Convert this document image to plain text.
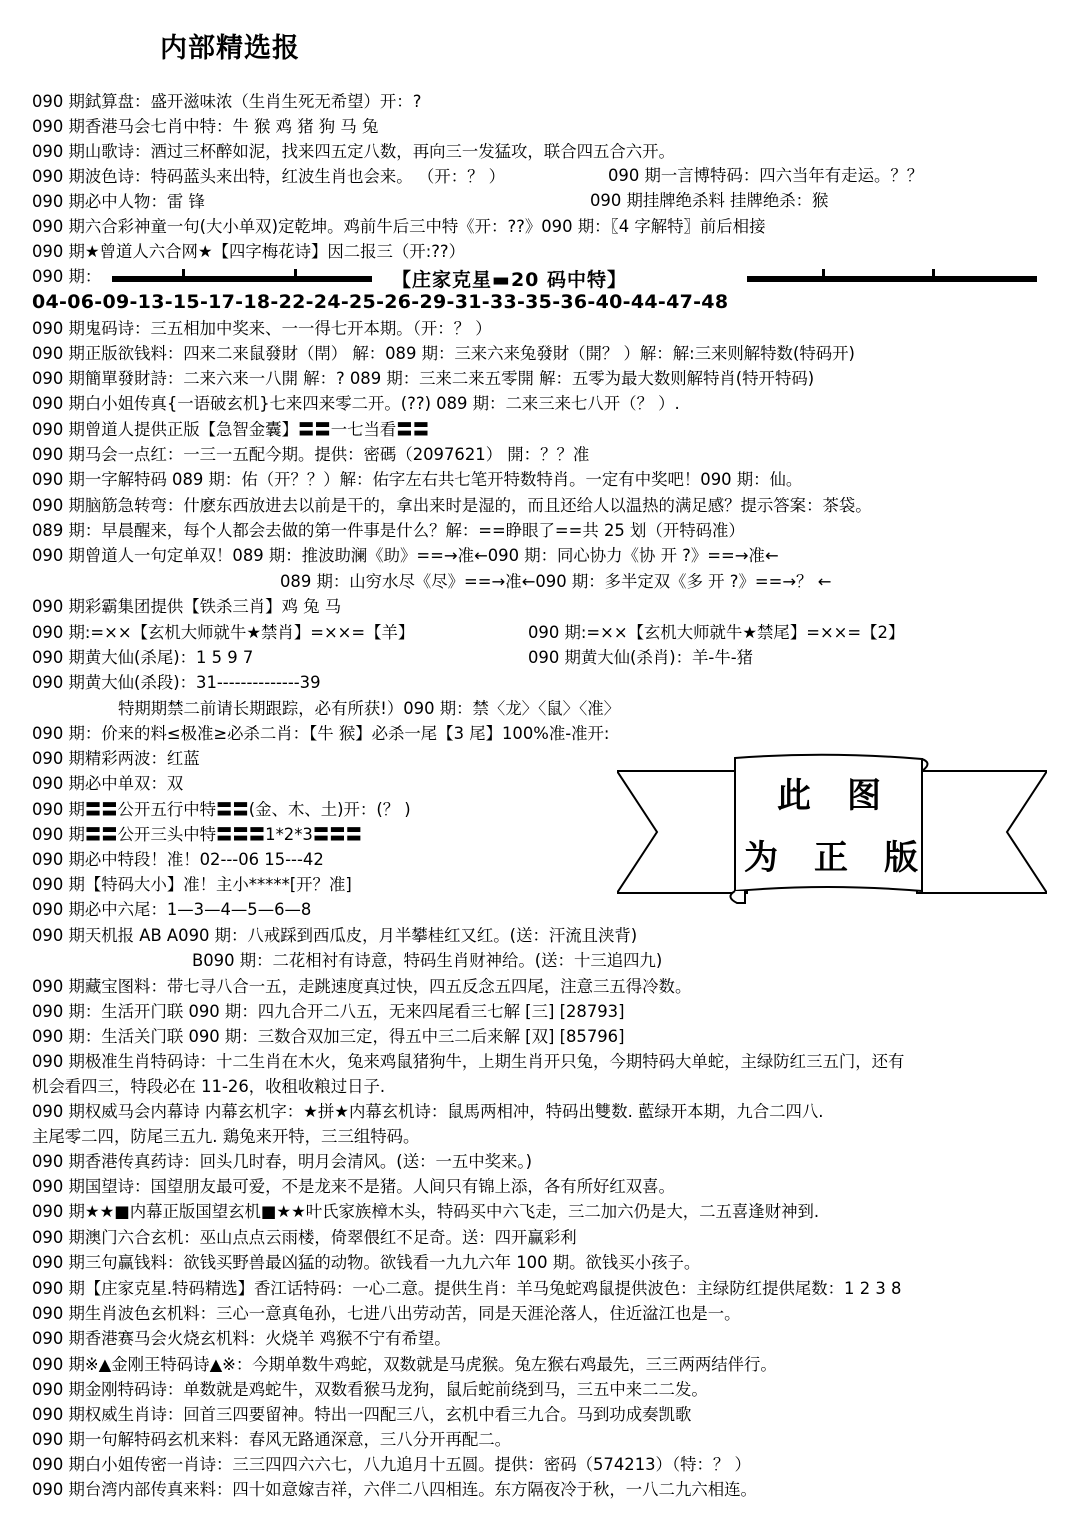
内部精选报
090 期鉽算盘：盛开滋味浓（生肖生死无希望）开：?
090 期香港马会七肖中特：牛 猴 鸡 猪 狗 马 兔
090 期山歌诗：酒过三杯醉如泥，找来四五定八数，再向三一发猛攻，联合四五合六开。
090 期波色诗：特码蓝头来出特，红波生肖也会来。 （开：？ ）
090 期必中人物：雷 锋
090 期六合彩神童一句(大小单双)定乾坤。鸡前牛后三中特《开：??》090 期：〖4 字解特〗前后相接
090 期★曾道人六合网★【四字梅花诗】因二报三（开:??）
090 期：
04-06-09-13-15-17-18-22-24-25-26-29-31-33-35-36-40-44-47-48
090 期鬼码诗：三五相加中奖来、一一得七开本期。（开：？ ）
090 期正版欲钱料：四来二来鼠發財（閈） 解：089 期：三来六来兔發財（開？ ）解：解:三来则解特数(特码开)
090 期簡單發財詩：二来六来一八開 解：? 089 期：三来二来五零開 解：五零为最大数则解特肖(特开特码)
090 期白小姐传真{一语破玄机}七来四来零二开。(??) 089 期：二来三来七八开（？ ）.
090 期曾道人提供正版【急智金囊】〓〓一七当看〓〓
090 期马会一点红：一三一五配今期。提供：密碼（2097621） 開：？？准
090 期一字解特码 089 期：佑（开？？）解：佑字左右共七笔开特数特肖。一定有中奖吧！090 期：仙。
090 期脑筋急转弯：什麽东西放进去以前是干的，拿出来时是湿的，而且还给人以温热的满足感？提示答案：茶袋。
089 期：早晨醒来，每个人都会去做的第一件事是什么？解：==睁眼了==共 25 划（开特码准）
090 期曾道人一句定单双！089 期：推波助澜《助》==→准←090 期：同心协力《协 开 ?》==→准←
089 期：山穷水尽《尽》==→准←090 期：多半定双《多 开 ?》==→？ ←
090 期彩霸集团提供【铁杀三肖】鸡 兔 马
090 期:=××【玄机大师就牛★禁肖】=××=【羊】
090 期黄大仙(杀尾)：1 5 9 7
090 期黄大仙(杀段)：31--------------39
特期期禁二前请长期跟踪，必有所获!）090 期：禁〈龙〉〈鼠〉〈准〉
090 期：价来的料≤极准≥必杀二肖：【牛 猴】必杀一尾【3 尾】100%准-准开:
090 期精彩两波：红蓝
090 期必中单双：双
090 期〓〓公开五行中特〓〓(金、木、土)开：(？ )
090 期〓〓公开三头中特〓〓〓1*2*3〓〓〓
090 期必中特段！准！02---06 15---42
090 期【特码大小】准！主小*****[开？准]
090 期必中六尾：1—3—4—5—6—8
090 期天机报 AB A090 期：八戒踩到西瓜皮，月半攀桂红又红。(送：汗流且浃背)
B090 期：二花相衬有诗意，特码生肖财神给。(送：十三追四九)
090 期藏宝图料：带七寻八合一五，走跳速度真过快，四五反念五四尾，注意三五得冷数。
090 期：生活开门联 090 期：四九合开二八五，无来四尾看三七解 [三] [28793]
090 期：生活关门联 090 期：三数合双加三定，得五中三二后来解 [双] [85796]
090 期极准生肖特码诗：十二生肖在木火，兔来鸡鼠猪狗牛，上期生肖开只兔，今期特码大单蛇，主绿防红三五门，还有
机会看四三，特段必在 11-26，收租收粮过日子.
090 期权威马会内幕诗 内幕玄机字：★拼★内幕玄机诗：鼠馬两相冲，特码出雙数. 藍绿开本期，九合二四八.
主尾零二四，防尾三五九. 鶏兔来开特，三三组特码。
090 期香港传真药诗：回头几时春，明月会清风。(送：一五中奖来。)
090 期国望诗：国望朋友最可爱，不是龙来不是猪。人间只有锦上添，各有所好红双喜。
090 期★★■内幕正版国望玄机■★★叶氏家族樟木头，特码买中六飞走，三二加六仍是大，二五喜逢财神到.
090 期澳门六合玄机：巫山点点云雨楼，倚翠偎红不足奇。送：四开赢彩利
090 期三句赢钱料：欲钱买野兽最凶猛的动物。欲钱看一九九六年 100 期。欲钱买小孩子。
090 期【庄家克星.特码精选】香江话特码：一心二意。提供生肖：羊马兔蛇鸡鼠提供波色：主绿防红提供尾数：1 2 3 8
090 期生肖波色玄机料：三心一意真龟孙，七进八出劳动苦，同是天涯沦落人，住近湓江也是一。
090 期香港赛马会火烧玄机料：火烧羊 鸡猴不宁有希望。
090 期※▲金刚王特码诗▲※：今期单数牛鸡蛇，双数就是马虎猴。兔左猴右鸡最先，三三两两结伴行。
090 期金刚特码诗：单数就是鸡蛇牛，双数看猴马龙狗，鼠后蛇前绕到马，三五中来二二发。
090 期权威生肖诗：回首三四要留神。特出一四配三八，玄机中看三九合。马到功成奏凯歌
090 期一句解特码玄机来料：春风无路通深意，三八分开再配二。
090 期白小姐传密一肖诗：三三四四六六七，八九追月十五圆。提供：密码（574213）（特：？ ）
090 期台湾内部传真来料：四十如意嫁吉祥，六伴二八四相连。东方隔夜冷于秋，一八二九六相连。
090 期一言博特码：四六当年有走运。？？
090 期挂牌绝杀料 挂牌绝杀：猴
090 期:=××【玄机大师就牛★禁尾】=××=【2】
090 期黄大仙(杀肖)：羊-牛-猪
【庄家克星▬20 码中特】
此图
为正版
